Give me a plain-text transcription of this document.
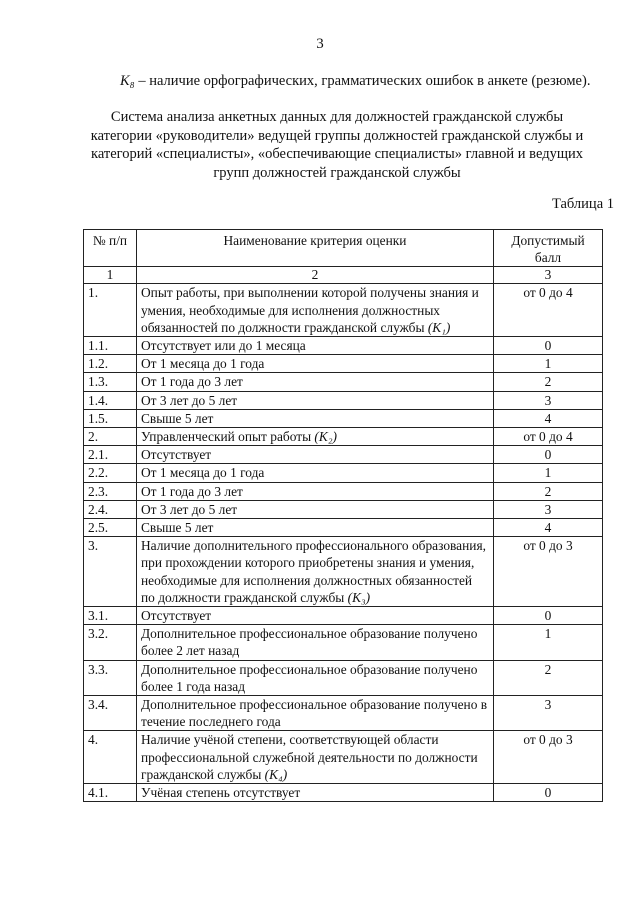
3
K₈ – наличие орфографических, грамматических ошибок в анкете (резюме).
Система анализа анкетных данных для должностей гражданской службы
категории «руководители» ведущей группы должностей гражданской службы и
категорий «специалисты», «обеспечивающие специалисты» главной и ведущих
групп должностей гражданской службы
Таблица 1
№ п/п	Наименование критерия оценки	Допустимый балл
1	2	3
1.	Опыт работы, при выполнении которой получены знания и умения, необходимые для исполнения должностных обязанностей по должности гражданской службы (K₁)	от 0 до 4
1.1.	Отсутствует или до 1 месяца	0
1.2.	От 1 месяца до 1 года	1
1.3.	От 1 года до 3 лет	2
1.4.	От 3 лет до 5 лет	3
1.5.	Свыше 5 лет	4
2.	Управленческий опыт работы (K₂)	от 0 до 4
2.1.	Отсутствует	0
2.2.	От 1 месяца до 1 года	1
2.3.	От 1 года до 3 лет	2
2.4.	От 3 лет до 5 лет	3
2.5.	Свыше 5 лет	4
3.	Наличие дополнительного профессионального образования, при прохождении которого приобретены знания и умения, необходимые для исполнения должностных обязанностей по должности гражданской службы (K₃)	от 0 до 3
3.1.	Отсутствует	0
3.2.	Дополнительное профессиональное образование получено более 2 лет назад	1
3.3.	Дополнительное профессиональное образование получено более 1 года назад	2
3.4.	Дополнительное профессиональное образование получено в течение последнего года	3
4.	Наличие учёной степени, соответствующей области профессиональной служебной деятельности по должности гражданской службы (K₄)	от 0 до 3
4.1.	Учёная степень отсутствует	0
